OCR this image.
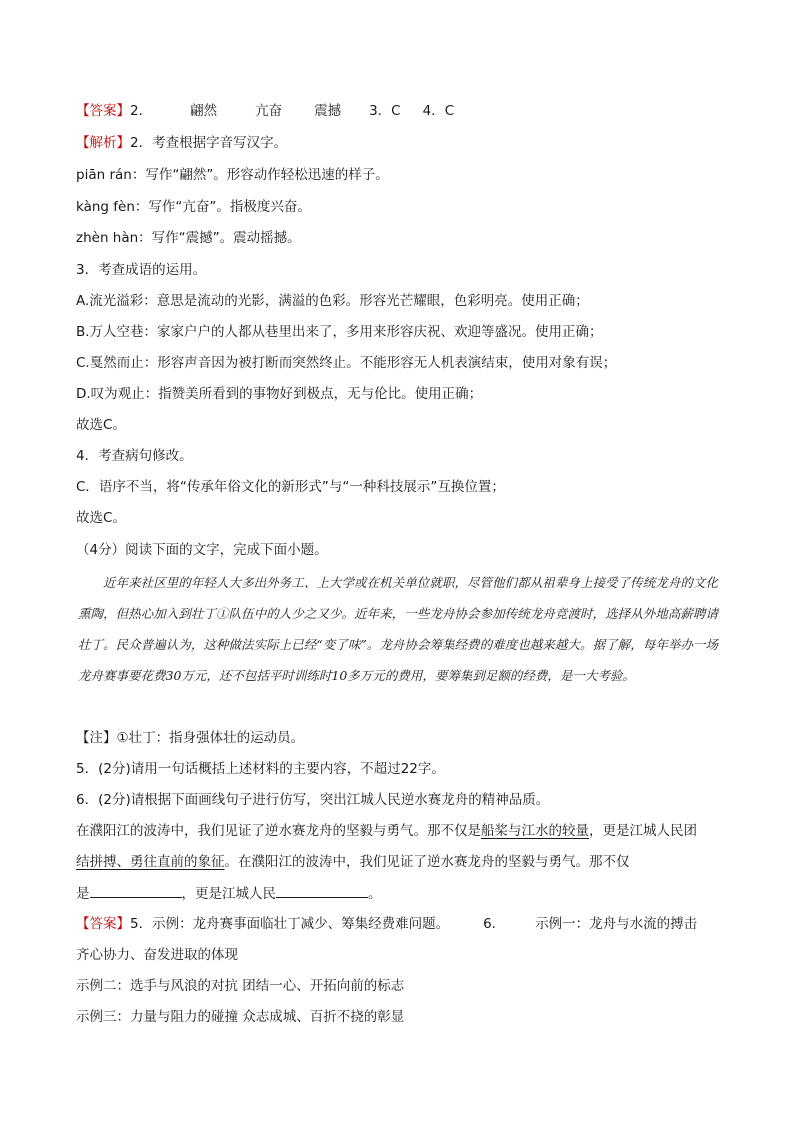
【答案】2．	翩然	亢奋 震撼 3．C 4．C
【解析】2．考查根据字音写汉字。
piān rán：写作“翩然”。形容动作轻松迅速的样子。
kàng fèn：写作“亢奋”。指极度兴奋。
zhèn hàn：写作“震撼”。震动摇撼。
3．考查成语的运用。
A.流光溢彩：意思是流动的光影，满溢的色彩。形容光芒耀眼，色彩明亮。使用正确；
B.万人空巷：家家户户的人都从巷里出来了，多用来形容庆祝、欢迎等盛况。使用正确；
C.戛然而止：形容声音因为被打断而突然终止。不能形容无人机表演结束，使用对象有误；
D.叹为观止：指赞美所看到的事物好到极点，无与伦比。使用正确；
故选C。
4．考查病句修改。
C．语序不当，将“传承年俗文化的新形式”与“一种科技展示”互换位置；
故选C。
（4分）阅读下面的文字，完成下面小题。
近年来社区里的年轻人大多出外务工、上大学或在机关单位就职，尽管他们都从祖辈身上接受了传统龙舟的文化熏陶，但热心加入到壮丁①队伍中的人少之又少。近年来，一些龙舟协会参加传统龙舟竞渡时，选择从外地高薪聘请壮丁。民众普遍认为，这种做法实际上已经“变了味”。龙舟协会筹集经费的难度也越来越大。据了解，每年举办一场龙舟赛事要花费30万元，还不包括平时训练时10多万元的费用，要筹集到足额的经费，是一大考验。
【注】①壮丁：指身强体壮的运动员。
5．(2分)请用一句话概括上述材料的主要内容，不超过22字。
6．(2分)请根据下面画线句子进行仿写，突出江城人民逆水赛龙舟的精神品质。
在濮阳江的波涛中，我们见证了逆水赛龙舟的坚毅与勇气。那不仅是船桨与江水的较量，更是江城人民团
结拼搏、勇往直前的象征。在濮阳江的波涛中，我们见证了逆水赛龙舟的坚毅与勇气。那不仅
是	，更是江城人民	。
【答案】5．示例：龙舟赛事面临壮丁减少、筹集经费难问题。	6． 示例一：龙舟与水流的搏击
齐心协力、奋发进取的体现
示例二：选手与风浪的对抗 团结一心、开拓向前的标志
示例三：力量与阻力的碰撞 众志成城、百折不挠的彰显
